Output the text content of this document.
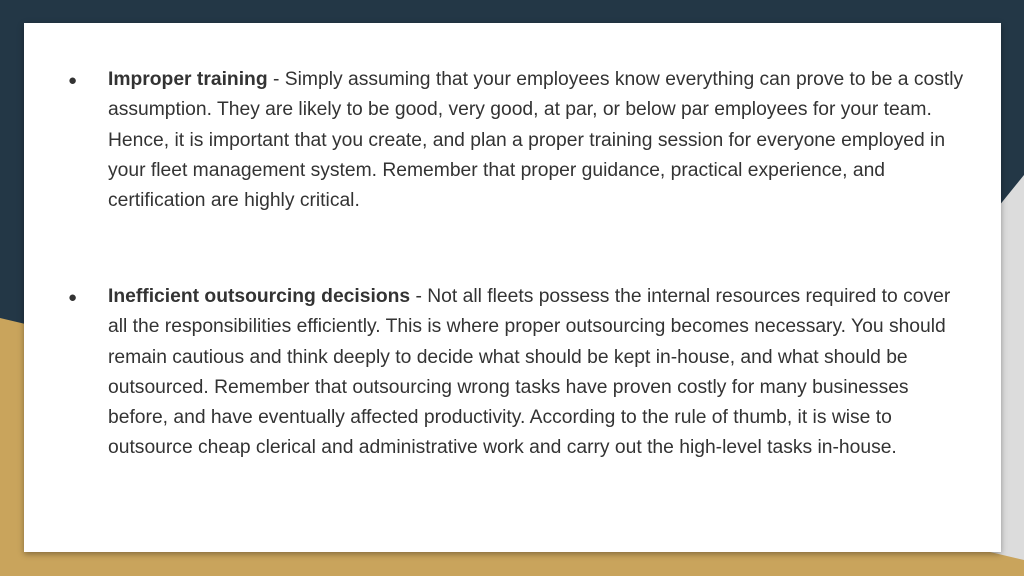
● Improper training - Simply assuming that your employees know everything can prove to be a costly assumption. They are likely to be good, very good, at par, or below par employees for your team. Hence, it is important that you create, and plan a proper training session for everyone employed in your fleet management system. Remember that proper guidance, practical experience, and certification are highly critical.

● Inefficient outsourcing decisions - Not all fleets possess the internal resources required to cover all the responsibilities efficiently. This is where proper outsourcing becomes necessary. You should remain cautious and think deeply to decide what should be kept in-house, and what should be outsourced. Remember that outsourcing wrong tasks have proven costly for many businesses before, and have eventually affected productivity. According to the rule of thumb, it is wise to outsource cheap clerical and administrative work and carry out the high-level tasks in-house.
